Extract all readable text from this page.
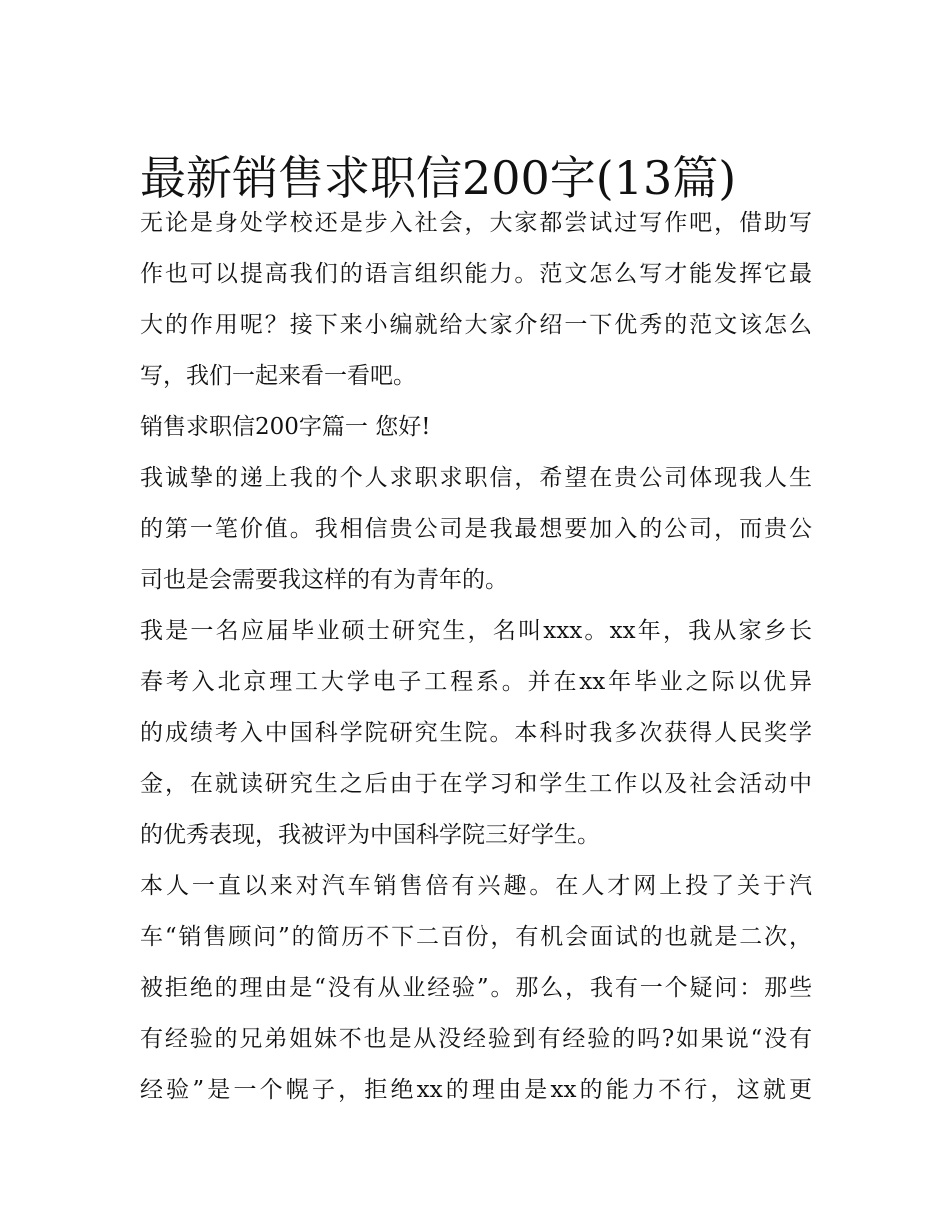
最新销售求职信200字(13篇)
无论是身处学校还是步入社会，大家都尝试过写作吧，借助写
作也可以提高我们的语言组织能力。范文怎么写才能发挥它最
大的作用呢？接下来小编就给大家介绍一下优秀的范文该怎么
写，我们一起来看一看吧。
销售求职信200字篇一 您好!
我诚挚的递上我的个人求职求职信，希望在贵公司体现我人生
的第一笔价值。我相信贵公司是我最想要加入的公司，而贵公
司也是会需要我这样的有为青年的。
我是一名应届毕业硕士研究生，名叫xxx。xx年，我从家乡长
春考入北京理工大学电子工程系。并在xx年毕业之际以优异
的成绩考入中国科学院研究生院。本科时我多次获得人民奖学
金，在就读研究生之后由于在学习和学生工作以及社会活动中
的优秀表现，我被评为中国科学院三好学生。
本人一直以来对汽车销售倍有兴趣。在人才网上投了关于汽
车“销售顾问”的简历不下二百份，有机会面试的也就是二次，
被拒绝的理由是“没有从业经验”。那么，我有一个疑问：那些
有经验的兄弟姐妹不也是从没经验到有经验的吗?如果说“没有
经验”是一个幌子，拒绝xx的理由是xx的能力不行，这就更
